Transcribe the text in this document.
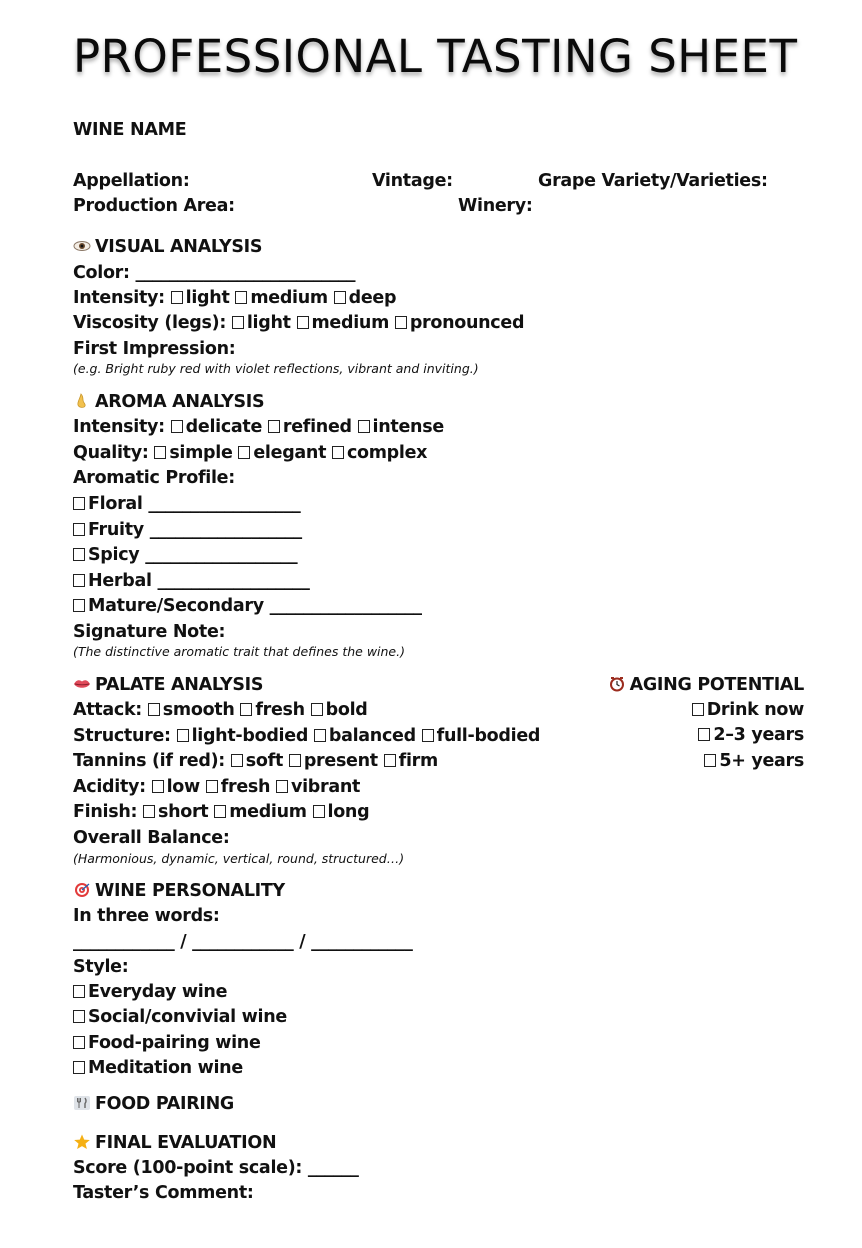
PROFESSIONAL TASTING SHEET
WINE NAME
Appellation:	Vintage:	Grape Variety/Varieties:
Production Area:	Winery:
VISUAL ANALYSIS
Color: __________________________
Intensity: light medium deep
Viscosity (legs): light medium pronounced
First Impression:
(e.g. Bright ruby red with violet reflections, vibrant and inviting.)
AROMA ANALYSIS
Intensity: delicate refined intense
Quality: simple elegant complex
Aromatic Profile:
Floral __________________
Fruity __________________
Spicy __________________
Herbal __________________
Mature/Secondary __________________
Signature Note:
(The distinctive aromatic trait that defines the wine.)
PALATE ANALYSIS
Attack: smooth fresh bold
Structure: light-bodied balanced full-bodied
Tannins (if red): soft present firm
Acidity: low fresh vibrant
Finish: short medium long
Overall Balance:
(Harmonious, dynamic, vertical, round, structured…)
AGING POTENTIAL
Drink now
2–3 years
5+ years
WINE PERSONALITY
In three words:
____________ / ____________ / ____________
Style:
Everyday wine
Social/convivial wine
Food-pairing wine
Meditation wine
FOOD PAIRING
FINAL EVALUATION
Score (100-point scale): ______
Taster’s Comment:
